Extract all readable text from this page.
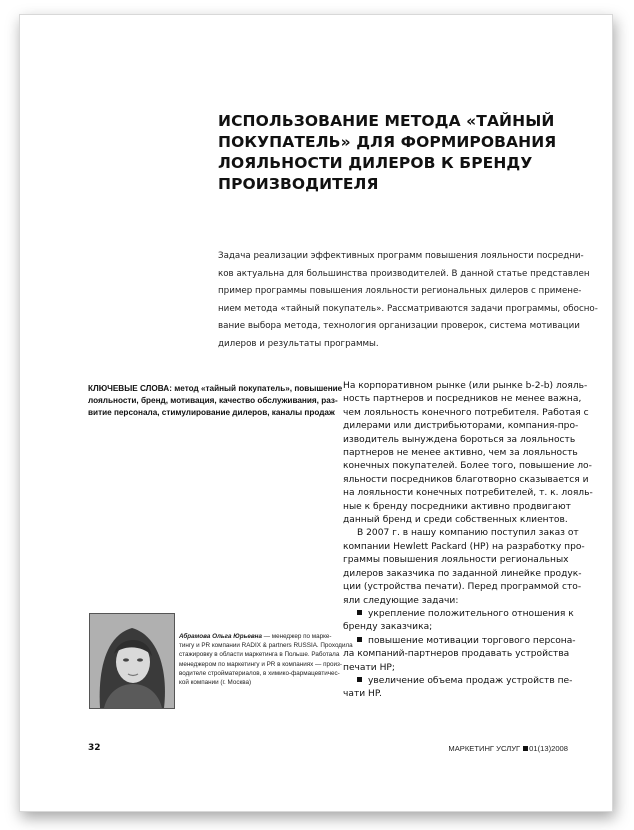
ИСПОЛЬЗОВАНИЕ МЕТОДА «ТАЙНЫЙ
ПОКУПАТЕЛЬ» ДЛЯ ФОРМИРОВАНИЯ
ЛОЯЛЬНОСТИ ДИЛЕРОВ К БРЕНДУ
ПРОИЗВОДИТЕЛЯ
Задача реализации эффективных программ повышения лояльности посредни-
ков актуальна для большинства производителей. В данной статье представлен
пример программы повышения лояльности региональных дилеров с примене-
нием метода «тайный покупатель». Рассматриваются задачи программы, обосно-
вание выбора метода, технология организации проверок, система мотивации
дилеров и результаты программы.
КЛЮЧЕВЫЕ СЛОВА: метод «тайный покупатель», повышение
лояльности, бренд, мотивация, качество обслуживания, раз-
витие персонала, стимулирование дилеров, каналы продаж
На корпоративном рынке (или рынке b-2-b) лояль-
ность партнеров и посредников не менее важна,
чем лояльность конечного потребителя. Работая с
дилерами или дистрибьюторами, компания-про-
изводитель вынуждена бороться за лояльность
партнеров не менее активно, чем за лояльность
конечных покупателей. Более того, повышение ло-
яльности посредников благотворно сказывается и
на лояльности конечных потребителей, т. к. лояль-
ные к бренду посредники активно продвигают
данный бренд и среди собственных клиентов.
В 2007 г. в нашу компанию поступил заказ от
компании Hewlett Packard (HP) на разработку про-
граммы повышения лояльности региональных
дилеров заказчика по заданной линейке продук-
ции (устройства печати). Перед программой сто-
яли следующие задачи:
укрепление положительного отношения к
бренду заказчика;
повышение мотивации торгового персона-
ла компаний-партнеров продавать устройства
печати HP;
увеличение объема продаж устройств пе-
чати HP.
Абрамова Ольга Юрьевна — менеджер по марке-
тингу и PR компании RADIX & partners RUSSIA. Проходила
стажировку в области маркетинга в Польше. Работала
менеджером по маркетингу и PR в компаниях — произ-
водителе стройматериалов, в химико-фармацевтичес-
кой компании (г. Москва)
32	МАРКЕТИНГ УСЛУГ 01(13)2008
